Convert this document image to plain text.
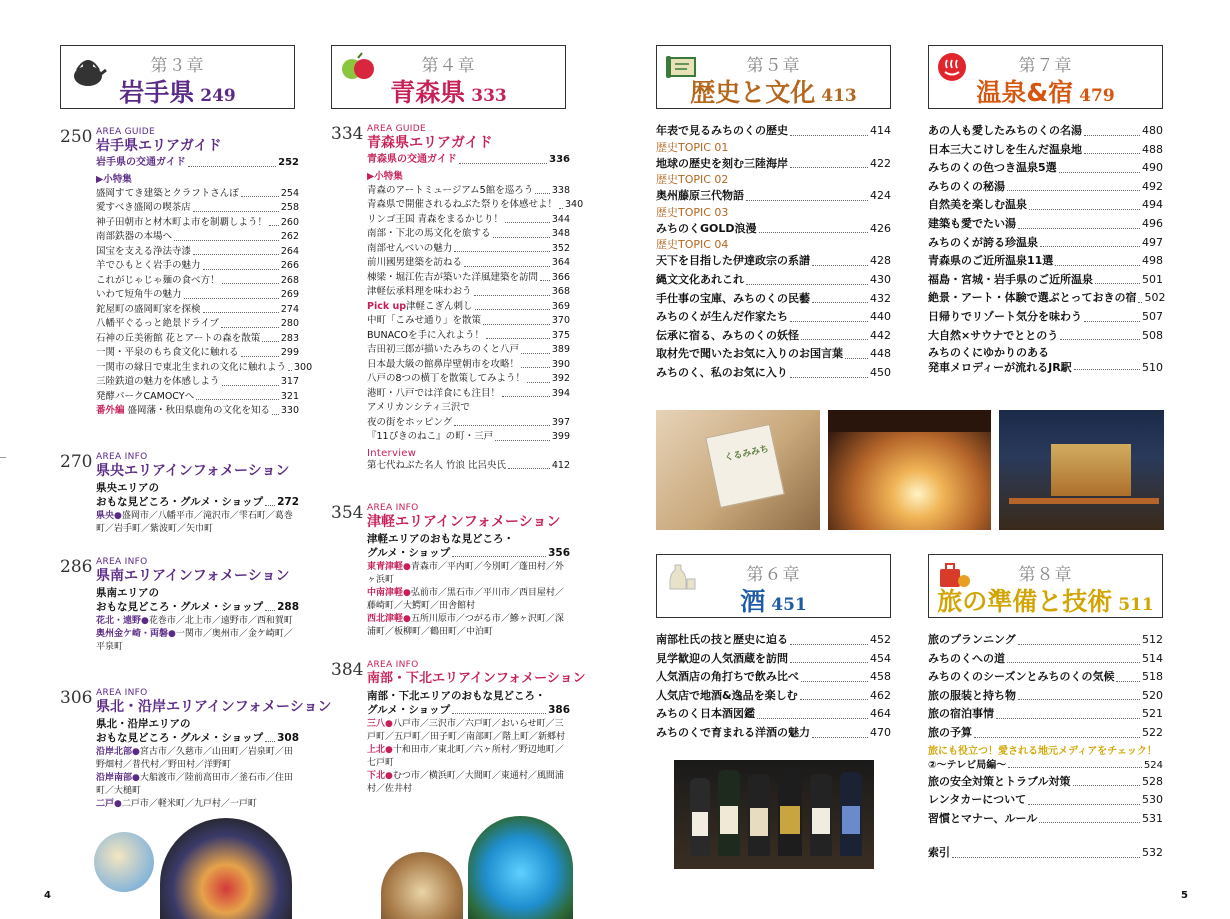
第３章
岩手県 249
250 AREA GUIDE
岩手県エリアガイド
岩手県の交通ガイド	252
▶小特集
盛岡すてき建築とクラフトさんぽ	254
愛すべき盛岡の喫茶店	258
神子田朝市と材木町よ市を制覇しよう！ 260
南部鉄器の本場へ	262
国宝を支える浄法寺漆	264
羊でひもとく岩手の魅力	266
これがじゃじゃ麺の食べ方！	268
いわて短角牛の魅力	269
鉈屋町の盛岡町家を探検	274
八幡平ぐるっと絶景ドライブ	280
石神の丘美術館 花とアートの森を散策 283
一関・平泉のもち食文化に触れる	299
一関市の縁日で東北生まれの文化に触れよう 300
三陸鉄道の魅力を体感しよう	317
発酵パークCAMOCYへ	321
番外編 盛岡藩・秋田県鹿角の文化を知る 330
270 AREA INFO
県央エリアインフォメーション
県央エリアの
おもな見どころ・グルメ・ショップ 272
県央●盛岡市／八幡平市／滝沢市／雫石町／葛巻町／岩手町／紫波町／矢巾町
286 AREA INFO
県南エリアインフォメーション
県南エリアの
おもな見どころ・グルメ・ショップ 288
花北・遠野●花巻市／北上市／遠野市／西和賀町
奥州金ケ崎・両磐●一関市／奥州市／金ケ崎町／平泉町
306 AREA INFO
県北・沿岸エリアインフォメーション
県北・沿岸エリアの
おもな見どころ・グルメ・ショップ 308
沿岸北部●宮古市／久慈市／山田町／岩泉町／田野畑村／普代村／野田村／洋野町
沿岸南部●大船渡市／陸前高田市／釜石市／住田町／大槌町
二戸●二戸市／軽米町／九戸村／一戸町
第４章
青森県 333
334 AREA GUIDE
青森県エリアガイド
青森県の交通ガイド	336
▶小特集
青森のアートミュージアム5館を巡ろう 338
青森県で開催されるねぶた祭りを体感せよ！ 340
リンゴ王国 青森をまるかじり！	344
南部・下北の馬文化を旅する	348
南部せんべいの魅力	352
前川國男建築を訪ねる	364
棟梁・堀江佐吉が築いた洋風建築を訪問 366
津軽伝承料理を味わおう	368
Pick up津軽こぎん刺し	369
中町「こみせ通り」を散策	370
BUNACOを手に入れよう！	375
吉田初三郎が描いたみちのくと八戸	389
日本最大級の館鼻岸壁朝市を攻略！	390
八戸の8つの横丁を散策してみよう！	392
港町・八戸では洋食にも注目！	394
アメリカンシティ三沢で
夜の街をホッピング	397
『11ぴきのねこ』の町・三戸	399
Interview
第七代ねぶた名人 竹浪 比呂央氏	412
354 AREA INFO
津軽エリアインフォメーション
津軽エリアのおもな見どころ・
グルメ・ショップ	356
東青津軽●青森市／平内町／今別町／蓬田村／外ヶ浜町
中南津軽●弘前市／黒石市／平川市／西目屋村／藤崎町／大鰐町／田舎館村
西北津軽●五所川原市／つがる市／鰺ヶ沢町／深浦町／板柳町／鶴田町／中泊町
384 AREA INFO
南部・下北エリアインフォメーション
南部・下北エリアのおもな見どころ・
グルメ・ショップ	386
三八●八戸市／三沢市／六戸町／おいらせ町／三戸町／五戸町／田子町／南部町／階上町／新郷村
上北●十和田市／東北町／六ヶ所村／野辺地町／七戸町
下北●むつ市／横浜町／大間町／東通村／風間浦村／佐井村
4
第５章
歴史と文化 413
年表で見るみちのくの歴史	414
歴史TOPIC 01
地球の歴史を刻む三陸海岸	422
歴史TOPIC 02
奥州藤原三代物語	424
歴史TOPIC 03
みちのくGOLD浪漫	426
歴史TOPIC 04
天下を目指した伊達政宗の系譜	428
縄文文化あれこれ	430
手仕事の宝庫、みちのくの民藝	432
みちのくが生んだ作家たち	440
伝承に宿る、みちのくの妖怪	442
取材先で聞いたお気に入りのお国言葉 448
みちのく、私のお気に入り	450
第７章
温泉&宿 479
あの人も愛したみちのくの名湯	480
日本三大こけしを生んだ温泉地	488
みちのくの色つき温泉5選	490
みちのくの秘湯	492
自然美を楽しむ温泉	494
建築も愛でたい湯	496
みちのくが誇る珍温泉	497
青森県のご近所温泉11選	498
福島・宮城・岩手県のご近所温泉	501
絶景・アート・体験で選ぶとっておきの宿 502
日帰りでリゾート気分を味わう	507
大自然×サウナでととのう	508
みちのくにゆかりのある
発車メロディーが流れるJR駅	510
くるみみち
第６章
酒 451
南部杜氏の技と歴史に迫る	452
見学歓迎の人気酒蔵を訪問	454
人気酒店の角打ちで飲み比べ	458
人気店で地酒&逸品を楽しむ	462
みちのく日本酒図鑑	464
みちのくで育まれる洋酒の魅力	470
第８章
旅の準備と技術 511
旅のプランニング	512
みちのくへの道	514
みちのくのシーズンとみちのくの気候	518
旅の服装と持ち物	520
旅の宿泊事情	521
旅の予算	522
旅にも役立つ！愛される地元メディアをチェック！
②～テレビ局編～	524
旅の安全対策とトラブル対策	528
レンタカーについて	530
習慣とマナー、ルール	531
索引	532
5
